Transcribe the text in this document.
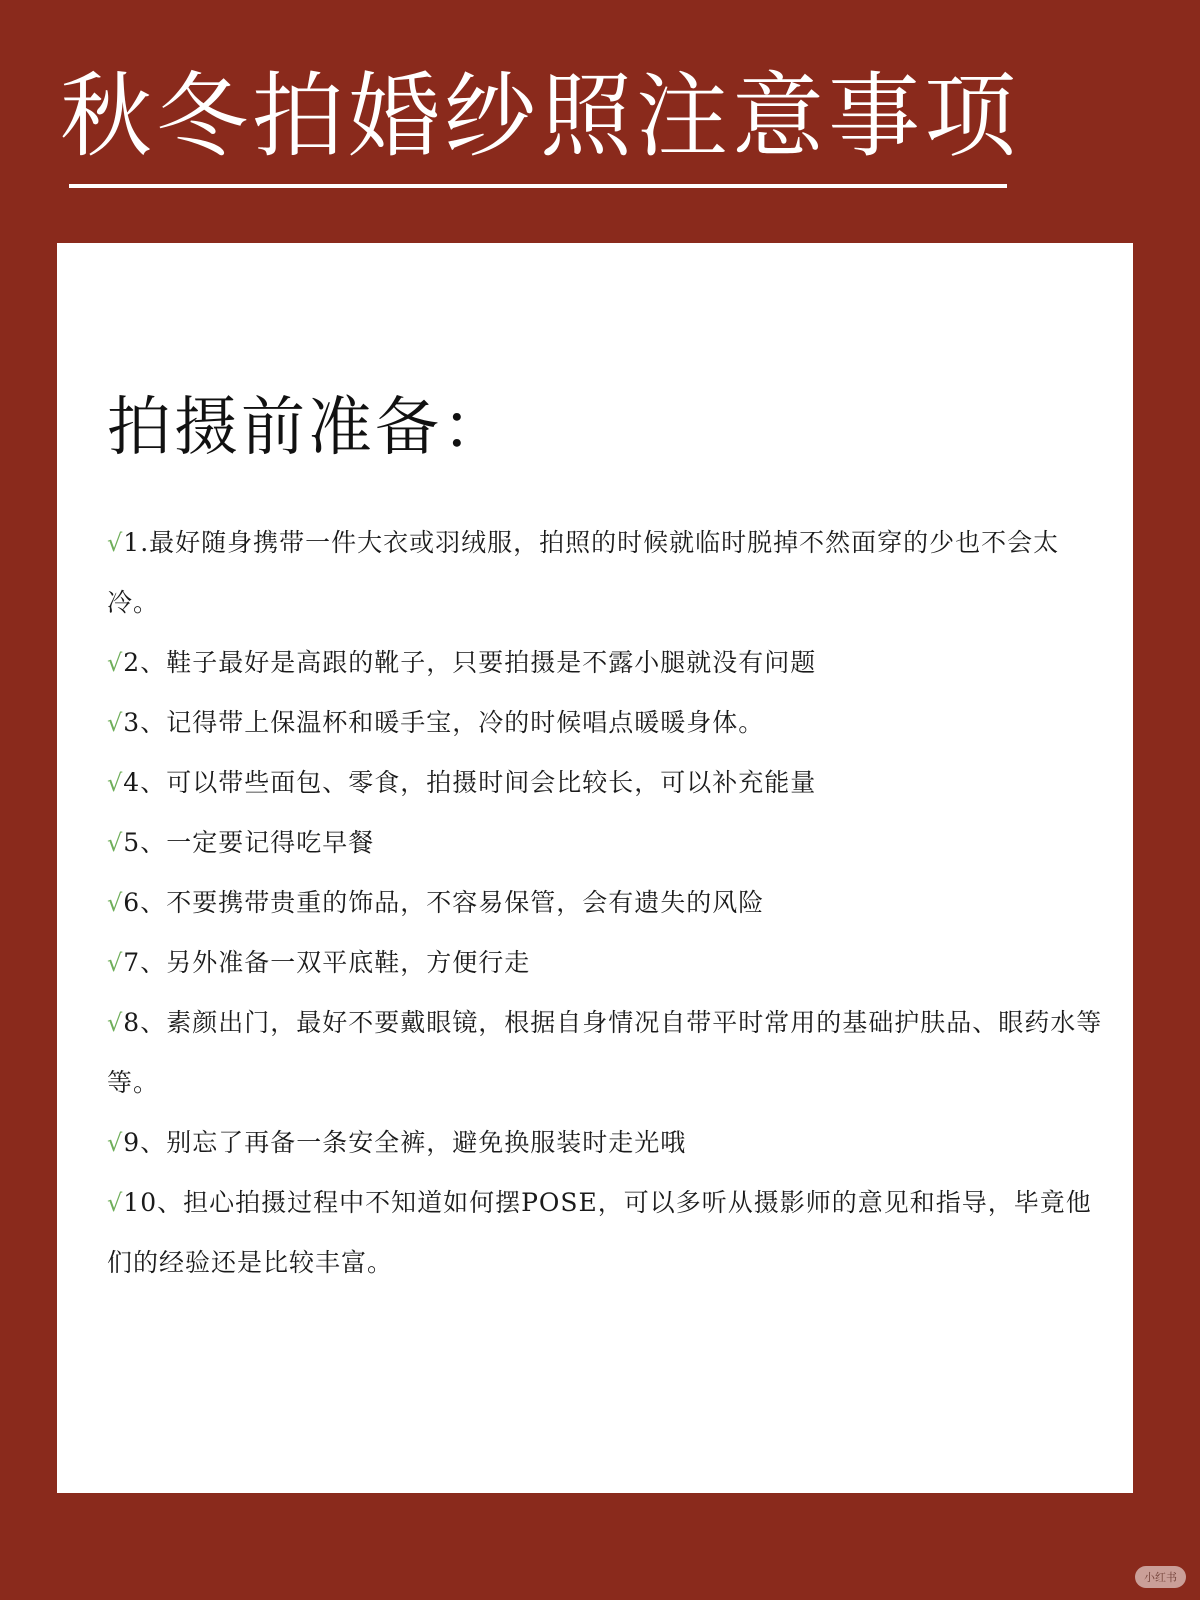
秋冬拍婚纱照注意事项
拍摄前准备：
√1.最好随身携带一件大衣或羽绒服，拍照的时候就临时脱掉不然面穿的少也不会太冷。
√2、鞋子最好是高跟的靴子，只要拍摄是不露小腿就没有问题
√3、记得带上保温杯和暖手宝，冷的时候唱点暖暖身体。
√4、可以带些面包、零食，拍摄时间会比较长，可以补充能量
√5、一定要记得吃早餐
√6、不要携带贵重的饰品，不容易保管，会有遗失的风险
√7、另外准备一双平底鞋，方便行走
√8、素颜出门，最好不要戴眼镜，根据自身情况自带平时常用的基础护肤品、眼药水等等。
√9、别忘了再备一条安全裤，避免换服装时走光哦
√10、担心拍摄过程中不知道如何摆POSE，可以多听从摄影师的意见和指导，毕竟他们的经验还是比较丰富。
小红书
